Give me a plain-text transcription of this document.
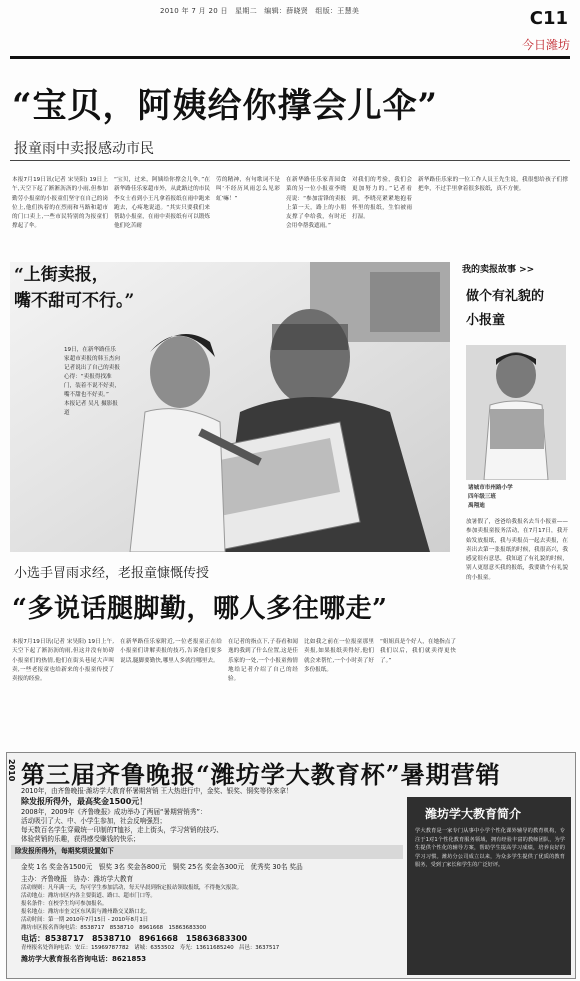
2010 年 7 月 20 日　星期二　编辑：薛晓贤　组版：王慧美	C11
今日潍坊
“宝贝，阿姨给你撑会儿伞”
报童雨中卖报感动市民
本报7月19日讯(记者 宋昊阳) 19日上午,天空下起了淅淅沥沥的小雨,但参加勤劳小报童的小报童们坚守在自己的岗位上,他们执着的在烈雨和马路和超市的门口卖上,一些市民特别的为报童们撑起了伞。
“宝贝，过来，阿姨给你撑会儿伞。”在新华路佳乐家超市外，从此路过的市民李女士看到小王凡拿着报纸在雨中跑来跑去，心疼地说道。“其实只要我们来帮助小报童，在雨中卖报纸有可以锻炼他们吃苦耐
劳的精神，有句歌词不是叫‘不经历风雨怎么见彩虹’嘛！”
在新华路佳乐家菁园食菜的另一位小报童李晓亮说：“参加雷锋的卖报上第一天，路上的小朋友撑了伞给我，有时还会用伞帮我遮雨。”
对我们的考验，我们会更加努力的。”记者看到，李晓亮紧紧地抱着怀里的报纸，生怕被雨打湿。
新华路佳乐家的一位工作人员王先生说，我很想给孩子们撑把伞，不过手里拿着很多报纸，真不方便。
“上街卖报，
嘴不甜可不行。”
19日，在新华路佳乐家超市卖报的韩玉杰向记者说出了自己的卖报心得：“卖报得找准门，装着不说不好卖，嘴不甜也不好卖。”
本报记者 吴凡 摄影报道
我的卖报故事 >>
做个有礼貌的
小报童
诸城市市州路小学
四年级三班
禹翔迪
放暑假了，爸爸给我报名去当小报童——参加卖报童报务活动，在7月17日，我开始发放报纸，我与卖报员一起去卖报，在卖出去第一张报纸的时候，我很高兴，我感觉很有意思，我知道了有礼貌的时候，别人更愿意买我的报纸，我要做个有礼貌的小报童。
小选手冒雨求经，老报童慷慨传授
“多说话腿脚勤，哪人多往哪走”
本报7月19日讯(记者 宋昊阳) 19日上午,天空下起了淅沥沥的雨,但这并没有妨碍小报童们的热情,他们在街头巷尾大声叫卖,一些老报童也给新来的小报童传授了卖报的经验。
在新华路佳乐家附近,一位老报童正在给小报童们讲解卖报的技巧,告诉他们要多说话,腿脚要勤快,哪里人多就往哪里去。
在记者的指点下,子春看和闻逸的我到了什么位置,这是佳乐家的一处,一个小报童热情地给记者介绍了自己的经验。
比如我之前在一位报童那里卖报,如果报纸卖得好,他们就会来帮忙,一个小时卖了好多份报纸。
“姐姐真是个好人，在她指点了我们以后，我们就卖得更快了。”
2010 第三届齐鲁晚报“潍坊学大教育杯”暑期营销
2010年，由齐鲁晚报·潍坊学大教育杯暑期营销 王大热进行中，金奖、银奖、铜奖等你来拿！
除发报所得外，最高奖金1500元！
2008年，2009年《齐鲁晚报》成功举办了两届“暑期营销秀”：
活动吸引了大、中、小学生参加，社会反响强烈；
每天数百名学生穿戴统一印制的T恤衫，走上街头，学习营销的技巧、
体验营销的乐趣，获得感受赚钱的快乐；
除发报所得外，每期奖项设置如下
金奖 1名 奖金各1500元　银奖 3名 奖金各800元　铜奖 25名 奖金各300元　优秀奖 30名 奖品
主办：齐鲁晚报　协办：潍坊学大教育
活动规则：凡年满一天，均可学生参加活动，每天早晨到指定报站领取报纸，不得拖欠报款。
活动地点：潍坊市区内各主要街道、路口、超市门口等。
报名条件：在校学生均可参加报名。
报名地点：潍坊市奎文区东风街与潍州路交叉路口北。
活动时间：第一期 2010年7月15日 - 2010年8月1日
潍坊市区报名咨询电话：8538717　8538710　8961668　15863683300
青州报名处咨询电话：安丘：15969787782　诸城：6353502　寿光：13611685240　昌邑：3637517
潍坊学大教育报名咨询电话：8621853
电话：8538717　8538710　8961668　15863683300
潍坊学大教育简介
学大教育是一家专门从事中小学个性化课外辅导的教育机构，专注于1对1个性化教育服务领域，拥有经验丰富的教师团队，为学生提供个性化的辅导方案，帮助学生提高学习成绩，培养良好的学习习惯。潍坊分公司成立以来，为众多学生提供了优质的教育服务，受到了家长和学生的广泛好评。
